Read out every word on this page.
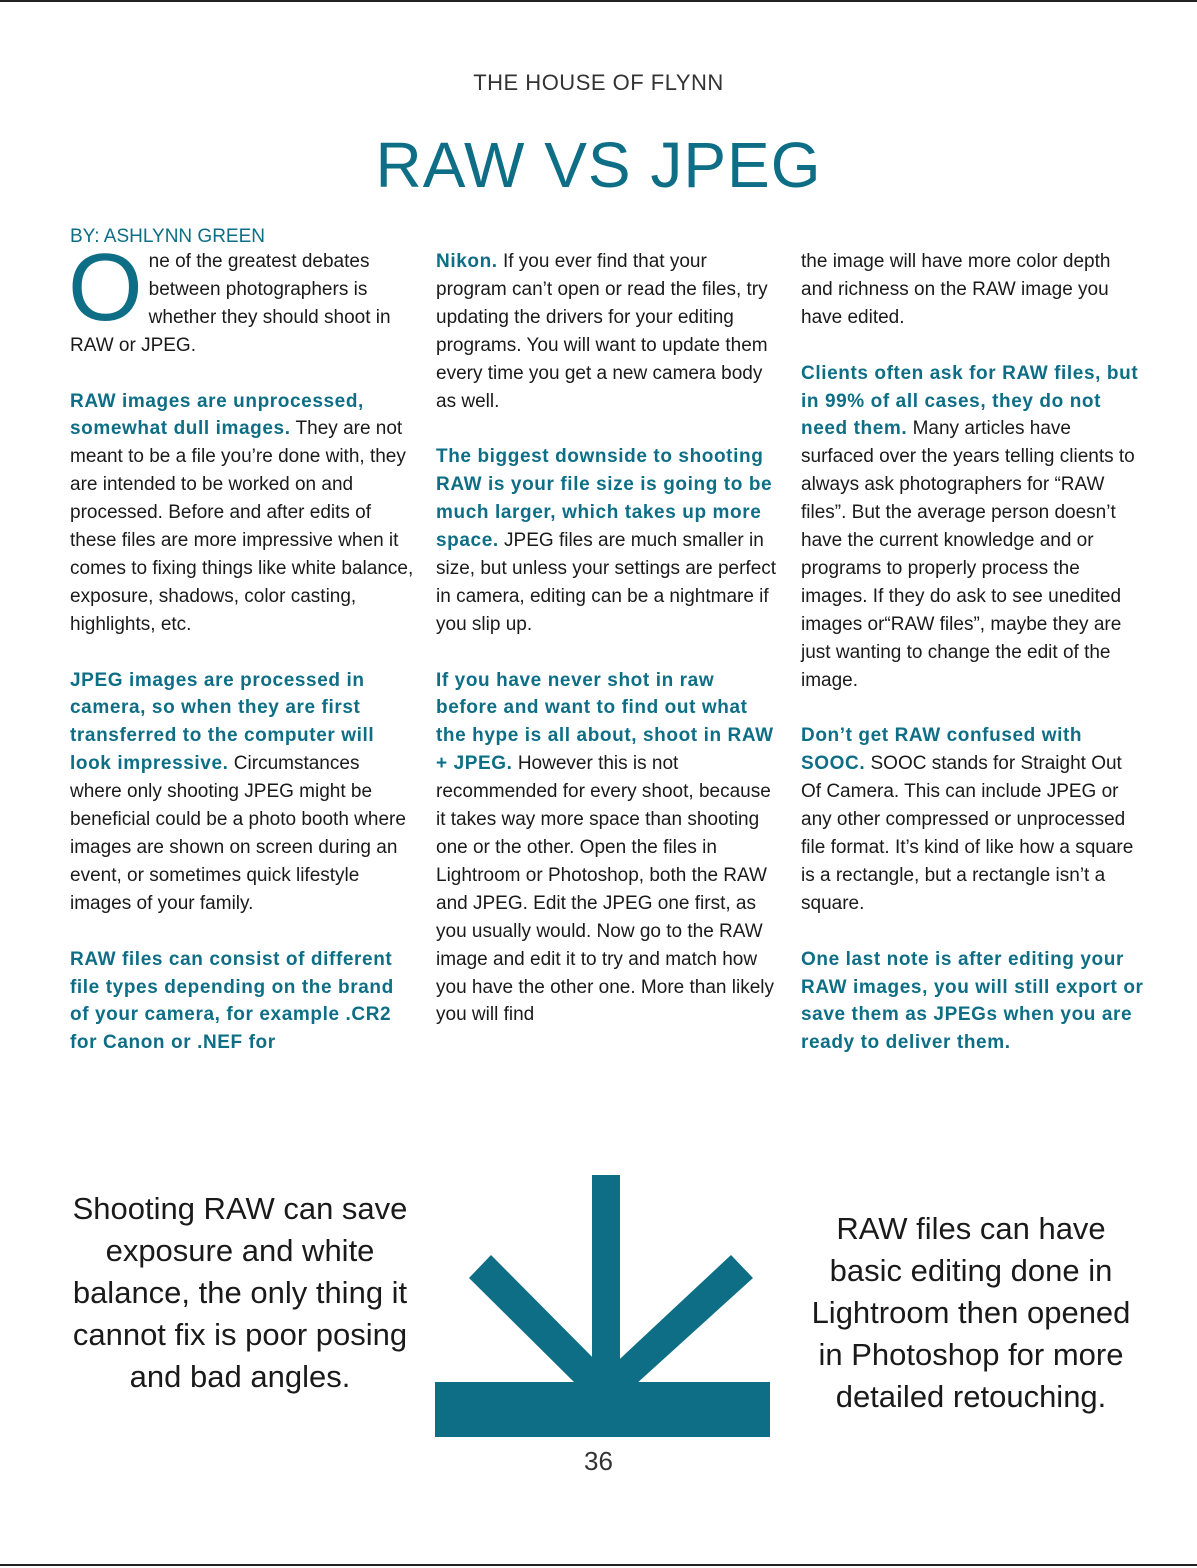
THE HOUSE OF FLYNN
RAW VS JPEG
BY: ASHLYNN GREEN

One of the greatest debates between photographers is whether they should shoot in RAW or JPEG.

RAW images are unprocessed, somewhat dull images. They are not meant to be a file you’re done with, they are intended to be worked on and processed. Before and after edits of these files are more impressive when it comes to fixing things like white balance, exposure, shadows, color casting, highlights, etc.

JPEG images are processed in camera, so when they are first transferred to the computer will look impressive. Circumstances where only shooting JPEG might be beneficial could be a photo booth where images are shown on screen during an event, or sometimes quick lifestyle images of your family.

RAW files can consist of different file types depending on the brand of your camera, for example .CR2 for Canon or .NEF for

Nikon. If you ever find that your program can’t open or read the files, try updating the drivers for your editing programs. You will want to update them every time you get a new camera body as well.

The biggest downside to shooting RAW is your file size is going to be much larger, which takes up more space. JPEG files are much smaller in size, but unless your settings are perfect in camera, editing can be a nightmare if you slip up.

If you have never shot in raw before and want to find out what the hype is all about, shoot in RAW + JPEG. However this is not recommended for every shoot, because it takes way more space than shooting one or the other. Open the files in Lightroom or Photoshop, both the RAW and JPEG. Edit the JPEG one first, as you usually would. Now go to the RAW image and edit it to try and match how you have the other one. More than likely you will find

the image will have more color depth and richness on the RAW image you have edited.

Clients often ask for RAW files, but in 99% of all cases, they do not need them. Many articles have surfaced over the years telling clients to always ask photographers for “RAW files”. But the average person doesn’t have the current knowledge and or programs to properly process the images. If they do ask to see unedited images or“RAW files”, maybe they are just wanting to change the edit of the image.

Don’t get RAW confused with SOOC. SOOC stands for Straight Out Of Camera. This can include JPEG or any other compressed or unprocessed file format. It’s kind of like how a square is a rectangle, but a rectangle isn’t a square.

One last note is after editing your RAW images, you will still export or save them as JPEGs when you are ready to deliver them.

Shooting RAW can save exposure and white balance, the only thing it cannot fix is poor posing and bad angles.
RAW files can have basic editing done in Lightroom then opened in Photoshop for more detailed retouching.
36
